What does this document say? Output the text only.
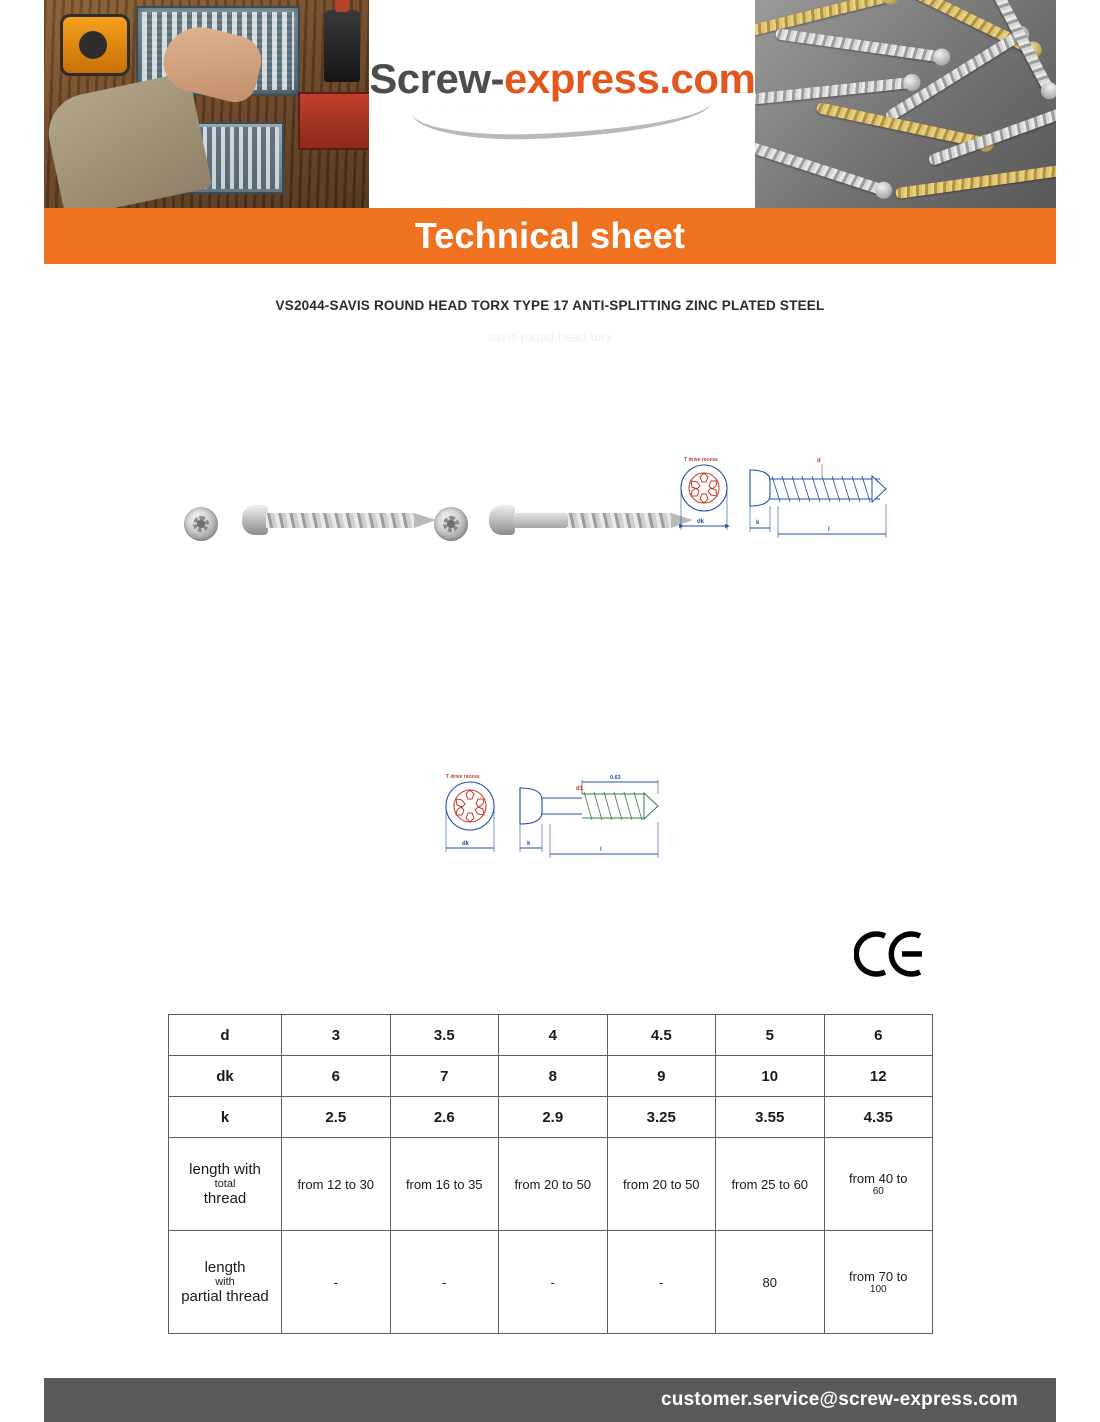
Screw-express.com
Technical sheet
VS2044-SAVIS ROUND HEAD TORX TYPE 17 ANTI-SPLITTING ZINC PLATED STEEL
savis round head torx
T drive recess
dk
d
k
l
T drive recess
dk
0.63
d1
k
l
d	3	3.5	4	4.5	5	6
dk	6	7	8	9	10	12
k	2.5	2.6	2.9	3.25	3.55	4.35
length with
total
thread	from 12 to 30	from 16 to 35	from 20 to 50	from 20 to 50	from 25 to 60	from 40 to
60

length
with
partial thread	-	-	-	-	80	from 70 to
100
customer.service@screw-express.com
